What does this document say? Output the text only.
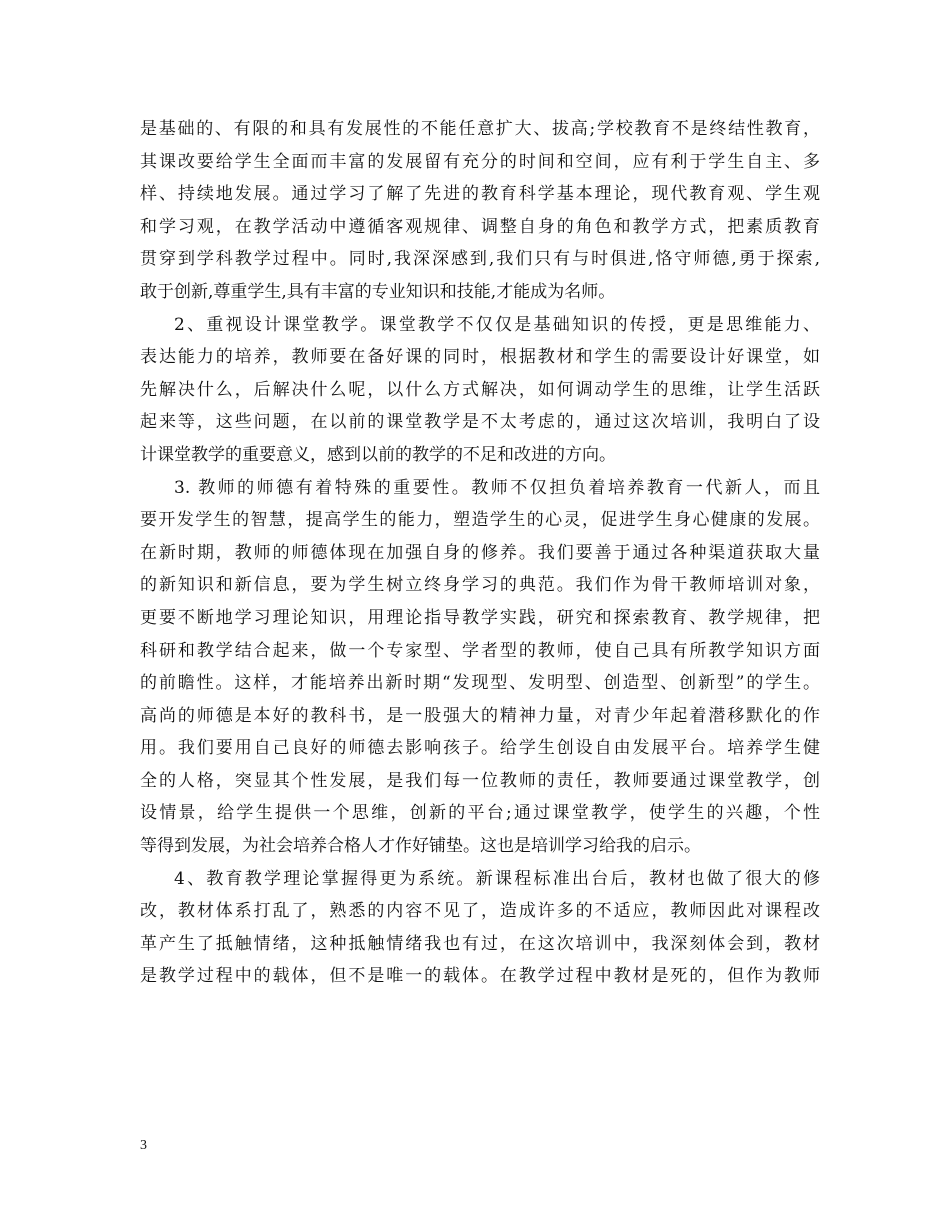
是基础的、有限的和具有发展性的不能任意扩大、拔高;学校教育不是终结性教育，
其课改要给学生全面而丰富的发展留有充分的时间和空间，应有利于学生自主、多
样、持续地发展。通过学习了解了先进的教育科学基本理论，现代教育观、学生观
和学习观，在教学活动中遵循客观规律、调整自身的角色和教学方式，把素质教育
贯穿到学科教学过程中。同时,我深深感到,我们只有与时俱进,恪守师德,勇于探索,
敢于创新,尊重学生,具有丰富的专业知识和技能,才能成为名师。
2、重视设计课堂教学。课堂教学不仅仅是基础知识的传授，更是思维能力、
表达能力的培养，教师要在备好课的同时，根据教材和学生的需要设计好课堂，如
先解决什么，后解决什么呢，以什么方式解决，如何调动学生的思维，让学生活跃
起来等，这些问题，在以前的课堂教学是不太考虑的，通过这次培训，我明白了设
计课堂教学的重要意义，感到以前的教学的不足和改进的方向。
3. 教师的师德有着特殊的重要性。教师不仅担负着培养教育一代新人，而且
要开发学生的智慧，提高学生的能力，塑造学生的心灵，促进学生身心健康的发展。
在新时期，教师的师德体现在加强自身的修养。我们要善于通过各种渠道获取大量
的新知识和新信息，要为学生树立终身学习的典范。我们作为骨干教师培训对象，
更要不断地学习理论知识，用理论指导教学实践，研究和探索教育、教学规律，把
科研和教学结合起来，做一个专家型、学者型的教师，使自己具有所教学知识方面
的前瞻性。这样，才能培养出新时期“发现型、发明型、创造型、创新型”的学生。
高尚的师德是本好的教科书，是一股强大的精神力量，对青少年起着潜移默化的作
用。我们要用自己良好的师德去影响孩子。给学生创设自由发展平台。培养学生健
全的人格，突显其个性发展，是我们每一位教师的责任，教师要通过课堂教学，创
设情景，给学生提供一个思维，创新的平台;通过课堂教学，使学生的兴趣，个性
等得到发展，为社会培养合格人才作好铺垫。这也是培训学习给我的启示。
4、教育教学理论掌握得更为系统。新课程标准出台后，教材也做了很大的修
改，教材体系打乱了，熟悉的内容不见了，造成许多的不适应，教师因此对课程改
革产生了抵触情绪，这种抵触情绪我也有过，在这次培训中，我深刻体会到，教材
是教学过程中的载体，但不是唯一的载体。在教学过程中教材是死的，但作为教师
3
